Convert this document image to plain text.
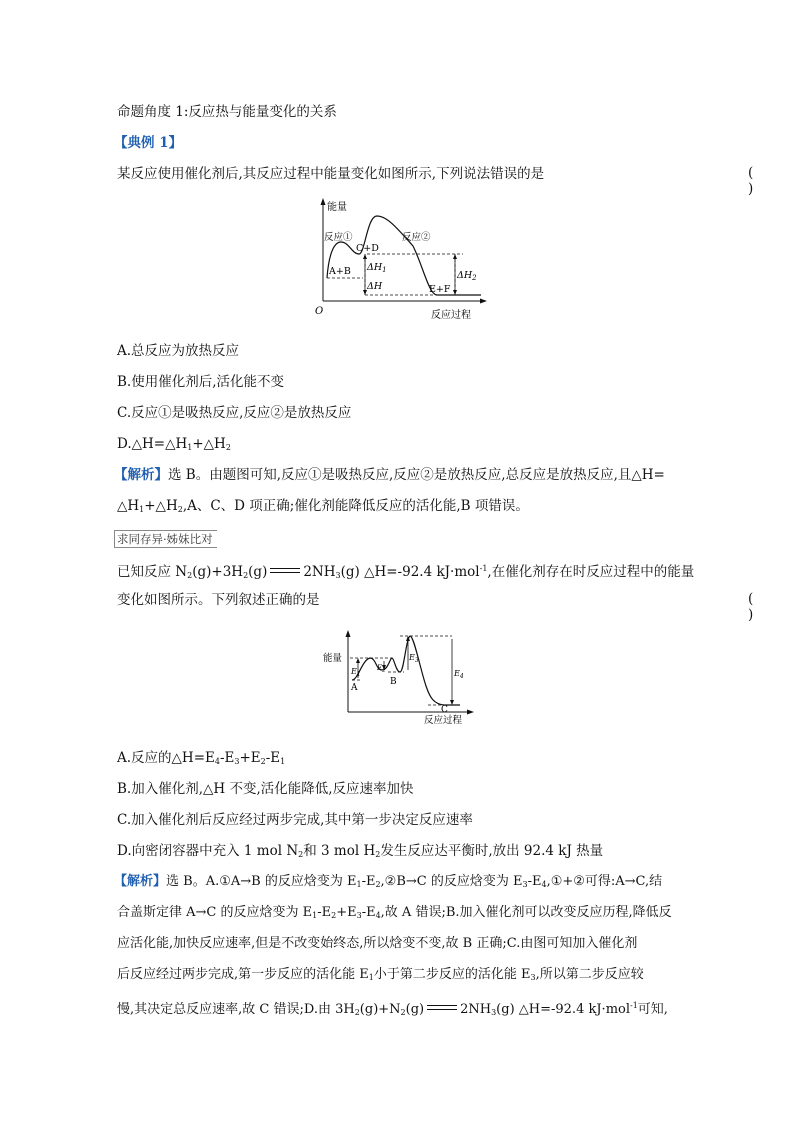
命题角度 1:反应热与能量变化的关系
【典例 1】
某反应使用催化剂后,其反应过程中能量变化如图所示,下列说法错误的是	( )
能量
反应过程
O
反应①	反应②
C+D
A+B
E+F
$\Delta H_1$
ΔH
$\Delta H_2$
A.总反应为放热反应
B.使用催化剂后,活化能不变
C.反应①是吸热反应,反应②是放热反应
$D.\triangle H=\triangle H_1+\triangle H_2$
【解析】选 B。由题图可知,反应①是吸热反应,反应②是放热反应,总反应是放热反应,且△H=
$\triangle H_1+\triangle H_2,A$、C、D 项正确;催化剂能降低反应的活化能,B 项错误。
求同存异·姊妹比对
已知反应 $N_2(g)+3H_2(g)$	$2NH_3(g)$ △H=-92.4 kJ·mol$^{-1}$,在催化剂存在时反应过程中的能量
变化如图所示。下列叙述正确的是	( )
能量
反应过程
A
B
C
$E_1$
$E_2$
$E_3$
$E_4$
A.反应的$\triangle H=E_4-E_3+E_2-E_1$
B.加入催化剂,△H 不变,活化能降低,反应速率加快
C.加入催化剂后反应经过两步完成,其中第一步决定反应速率
D.向密闭容器中充入 1 mol $N_2$和 3 mol $H_2$发生反应达平衡时,放出 92.4 kJ 热量
【解析】选 B。A.①A→B 的反应焓变为 $E_1-E_2,②B\to C$ 的反应焓变为 $E_3-E_4,①+②$可得:A→C,结
合盖斯定律 A→C 的反应焓变为 $E_1-E_2+E_3-E_4$,故 A 错误;B.加入催化剂可以改变反应历程,降低反
应活化能,加快反应速率,但是不改变始终态,所以焓变不变,故 B 正确;C.由图可知加入催化剂
后反应经过两步完成,第一步反应的活化能 $E_1$小于第二步反应的活化能 $E_3$,所以第二步反应较
慢,其决定总反应速率,故 C 错误;D.由 $3H_2(g)+N_2(g)$	$2NH_3(g)$ △H=-92.4 kJ·mol$^{-1}$可知,
